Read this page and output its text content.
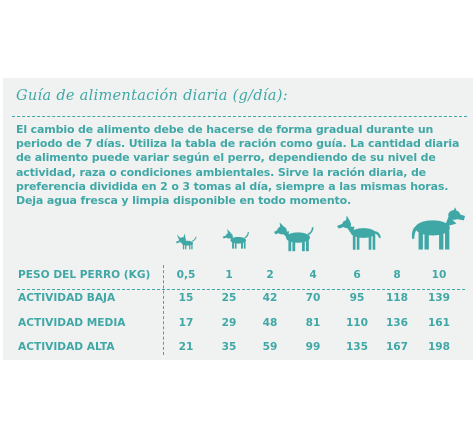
Guía de alimentación diaria (g/día):

El cambio de alimento debe de hacerse de forma gradual durante un periodo de 7 días. Utiliza la tabla de ración como guía. La cantidad diaria de alimento puede variar según el perro, dependiendo de su nivel de actividad, raza o condiciones ambientales. Sirve la ración diaria, de preferencia dividida en 2 o 3 tomas al día, siempre a las mismas horas. Deja agua fresca y limpia disponible en todo momento.

PESO DEL PERRO (KG)	0,5	1	2	4	6	8	10
ACTIVIDAD BAJA	15	25	42	70	95	118	139
ACTIVIDAD MEDIA	17	29	48	81	110	136	161
ACTIVIDAD ALTA	21	35	59	99	135	167	198
